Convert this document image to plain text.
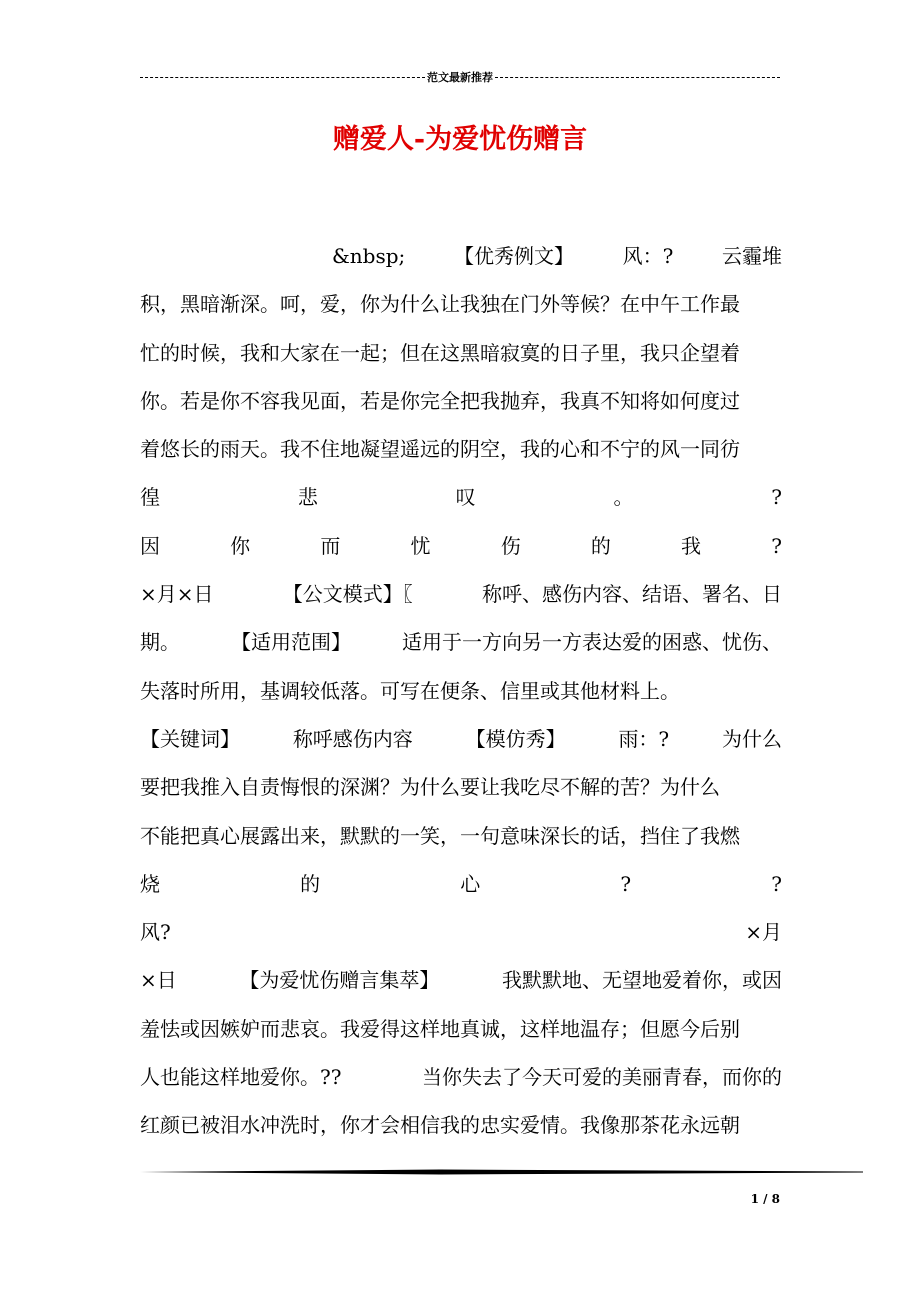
范文最新推荐
赠爱人-为爱忧伤赠言
&nbsp; 【优秀例文】 风：? 云霾堆
积，黑暗渐深。呵，爱，你为什么让我独在门外等候？在中午工作最
忙的时候，我和大家在一起；但在这黑暗寂寞的日子里，我只企望着
你。若是你不容我见面，若是你完全把我抛弃，我真不知将如何度过
着悠长的雨天。我不住地凝望遥远的阴空，我的心和不宁的风一同彷
徨	悲	叹	。	?
因	你	而	忧	伤	的	我	?
×月×日	【公文模式】〖	称呼、感伤内容、结语、署名、日
期。	【适用范围】	适用于一方向另一方表达爱的困惑、忧伤、
失落时所用，基调较低落。可写在便条、信里或其他材料上。
【关键词】	称呼感伤内容	【模仿秀】	雨：?	为什么
要把我推入自责悔恨的深渊？为什么要让我吃尽不解的苦？为什么
不能把真心展露出来，默默的一笑，一句意味深长的话，挡住了我燃
烧	的	心	?	?
风?	×月
×日	【为爱忧伤赠言集萃】	我默默地、无望地爱着你，或因
羞怯或因嫉妒而悲哀。我爱得这样地真诚，这样地温存；但愿今后别
人也能这样地爱你。??	当你失去了今天可爱的美丽青春，而你的
红颜已被泪水冲洗时，你才会相信我的忠实爱情。我像那茶花永远朝
1 / 8
